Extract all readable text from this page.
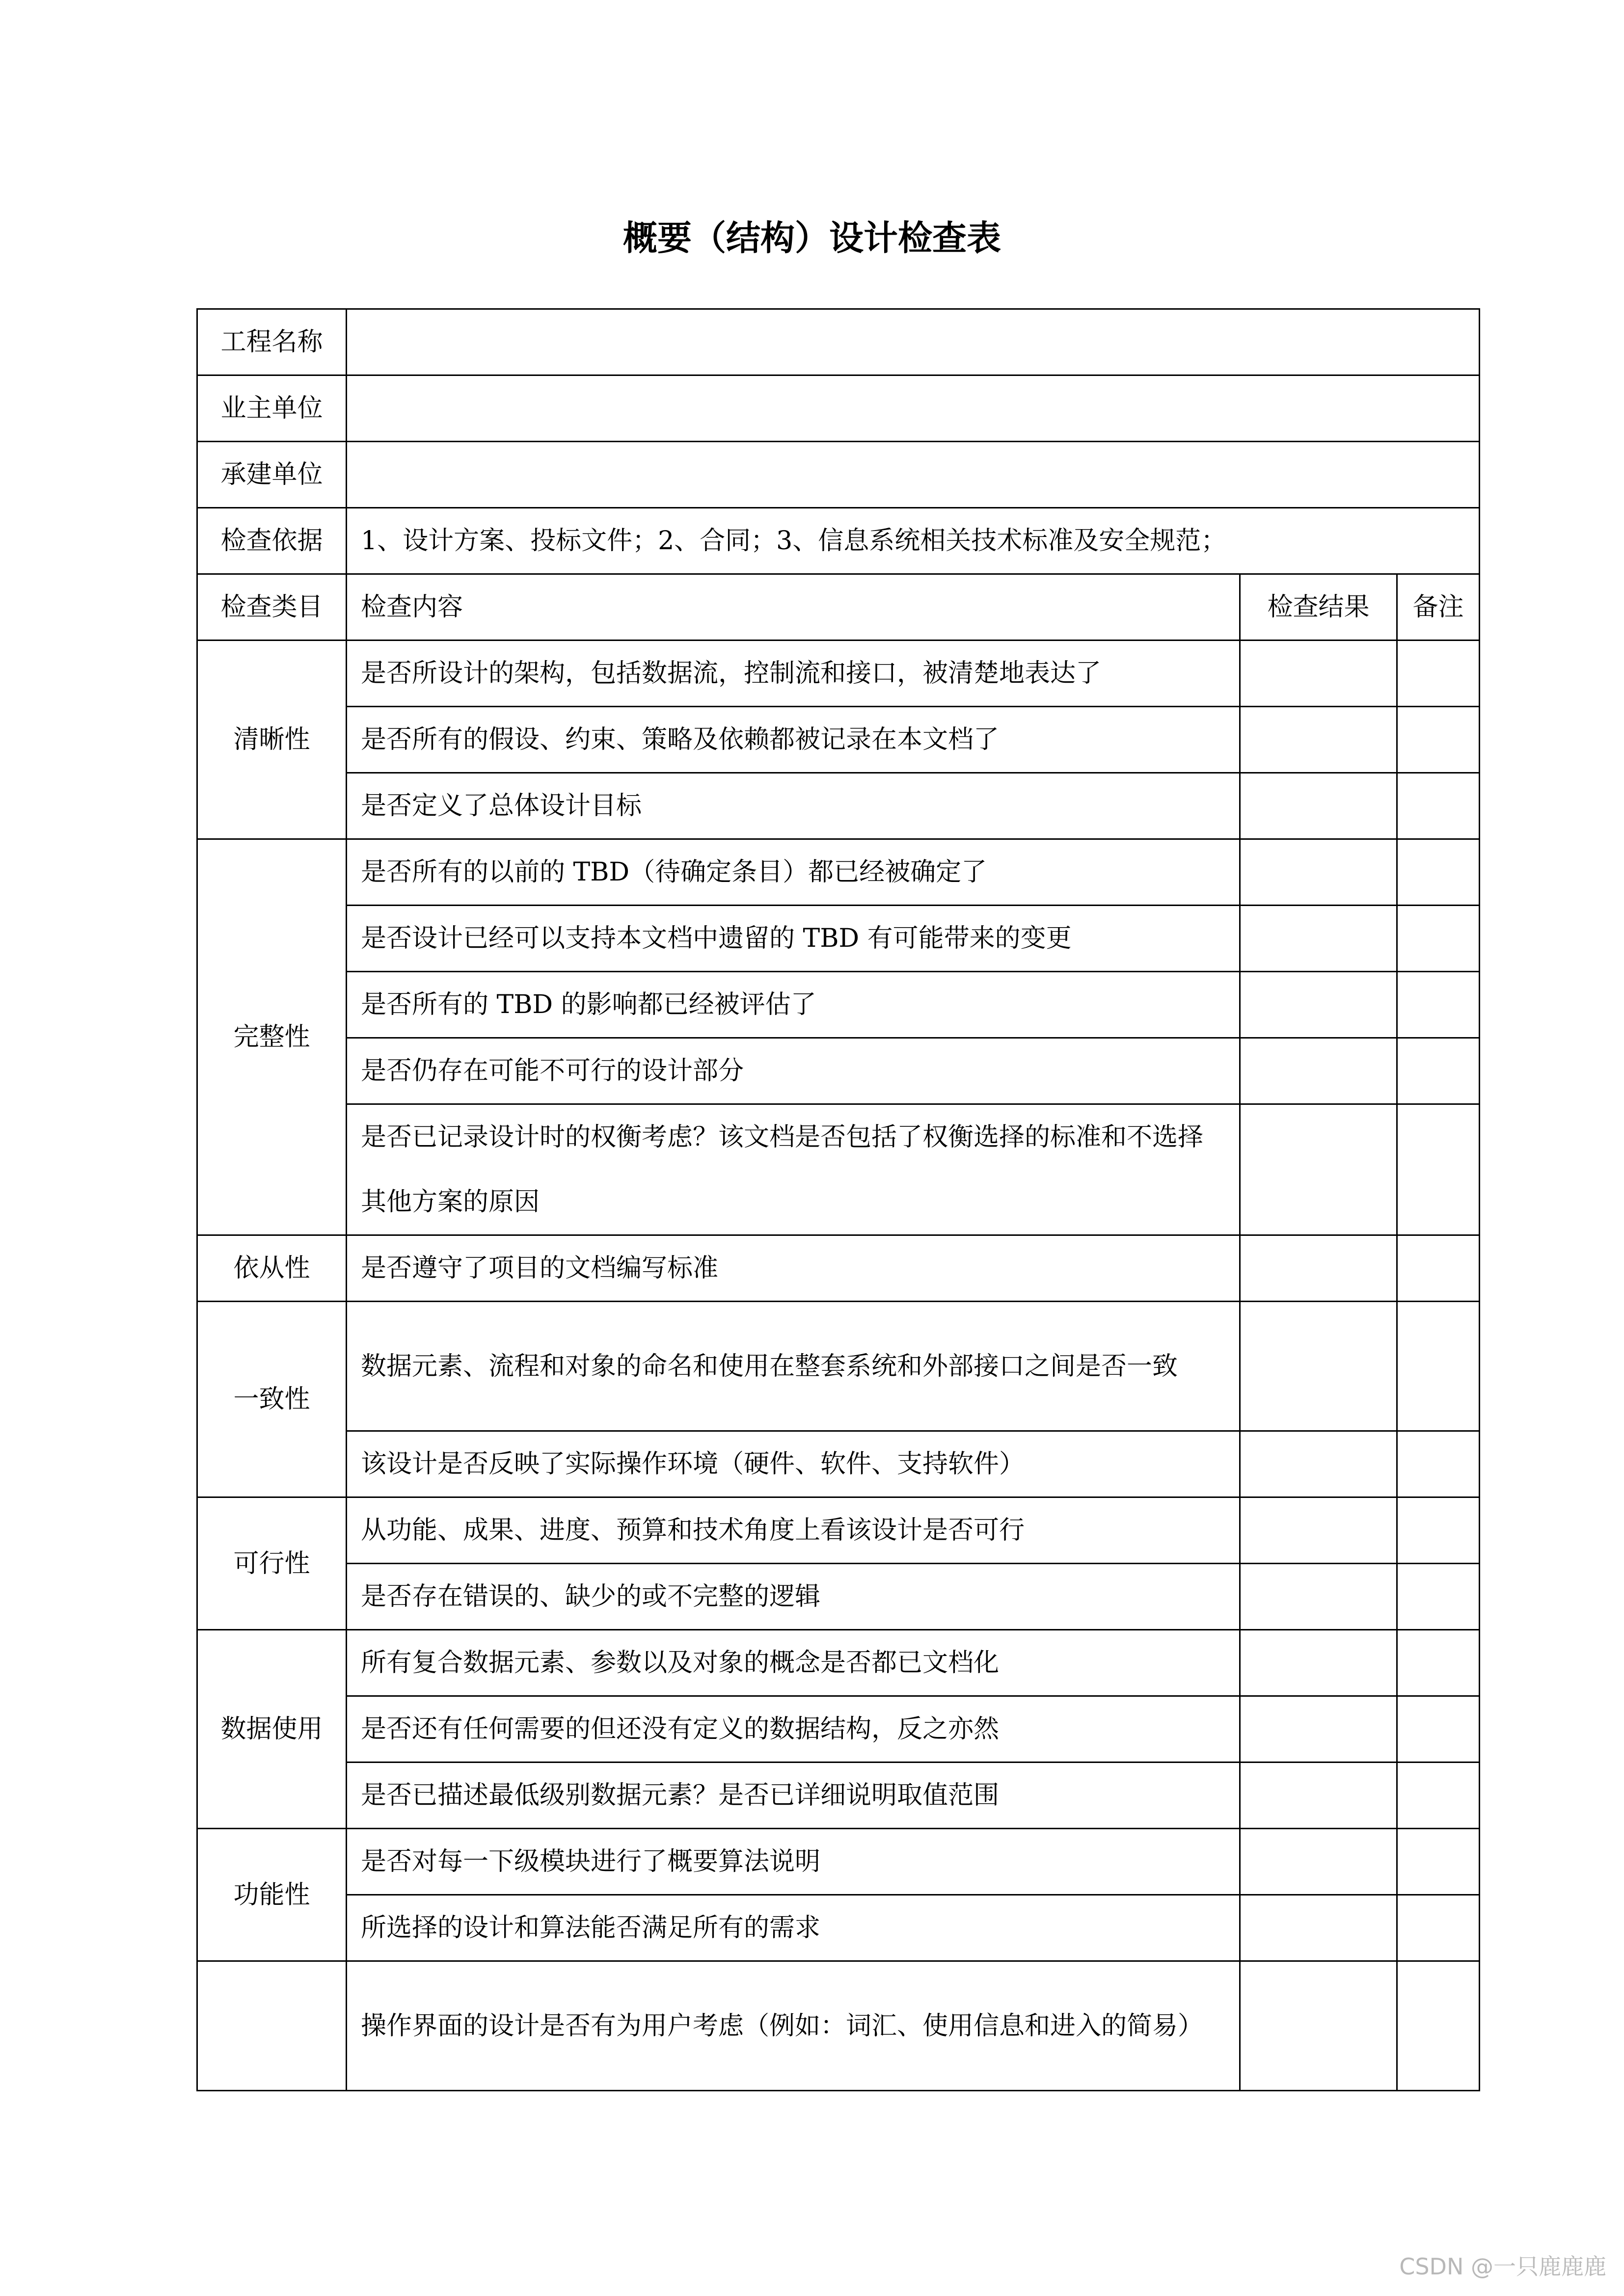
概要（结构）设计检查表
工程名称			
业主单位			
承建单位			
检查依据	1、设计方案、投标文件；2、合同；3、信息系统相关技术标准及安全规范；		
检查类目	检查内容	检查结果	备注
清晰性	是否所设计的架构，包括数据流，控制流和接口，被清楚地表达了		
	是否所有的假设、约束、策略及依赖都被记录在本文档了		
	是否定义了总体设计目标		
完整性	是否所有的以前的 TBD（待确定条目）都已经被确定了		
	是否设计已经可以支持本文档中遗留的 TBD 有可能带来的变更		
	是否所有的 TBD 的影响都已经被评估了		
	是否仍存在可能不可行的设计部分		
	是否已记录设计时的权衡考虑？该文档是否包括了权衡选择的标准和不选择其他方案的原因		
依从性	是否遵守了项目的文档编写标准		
一致性	数据元素、流程和对象的命名和使用在整套系统和外部接口之间是否一致		
	该设计是否反映了实际操作环境（硬件、软件、支持软件）		
可行性	从功能、成果、进度、预算和技术角度上看该设计是否可行		
	是否存在错误的、缺少的或不完整的逻辑		
数据使用	所有复合数据元素、参数以及对象的概念是否都已文档化		
	是否还有任何需要的但还没有定义的数据结构，反之亦然		
	是否已描述最低级别数据元素？是否已详细说明取值范围		
功能性	是否对每一下级模块进行了概要算法说明		
	所选择的设计和算法能否满足所有的需求		
	操作界面的设计是否有为用户考虑（例如：词汇、使用信息和进入的简易）		
CSDN @一只鹿鹿鹿
